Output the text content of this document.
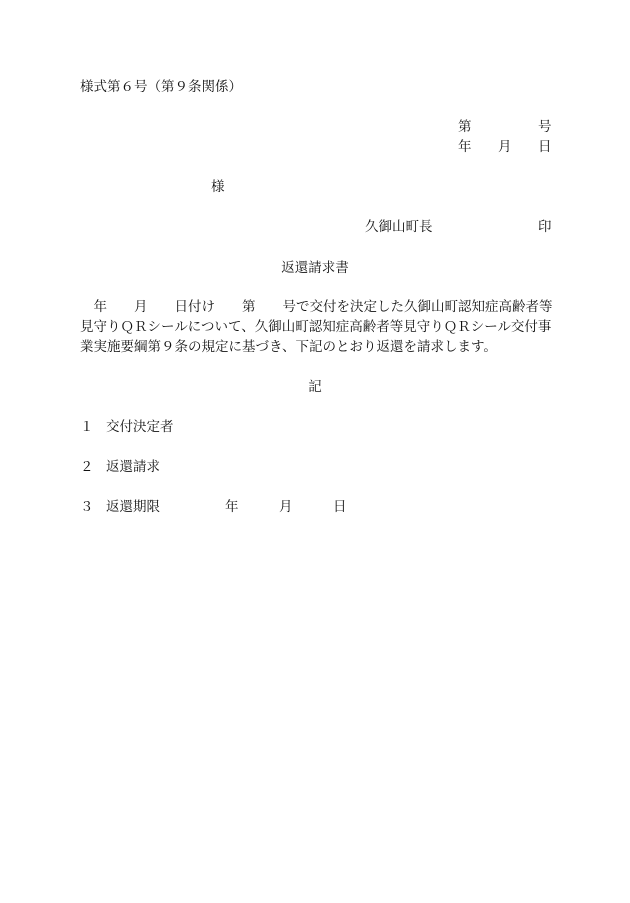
様式第６号（第９条関係）
第	号
年 月 日
様
久御山町長	印
返還請求書
　年　　月　　日付け　　第　　号で交付を決定した久御山町認知症高齢者等
見守りＱＲシールについて、久御山町認知症高齢者等見守りＱＲシール交付事
業実施要綱第９条の規定に基づき、下記のとおり返還を請求します。
記
１ 交付決定者
２ 返還請求
３ 返還期限	年	月	日
